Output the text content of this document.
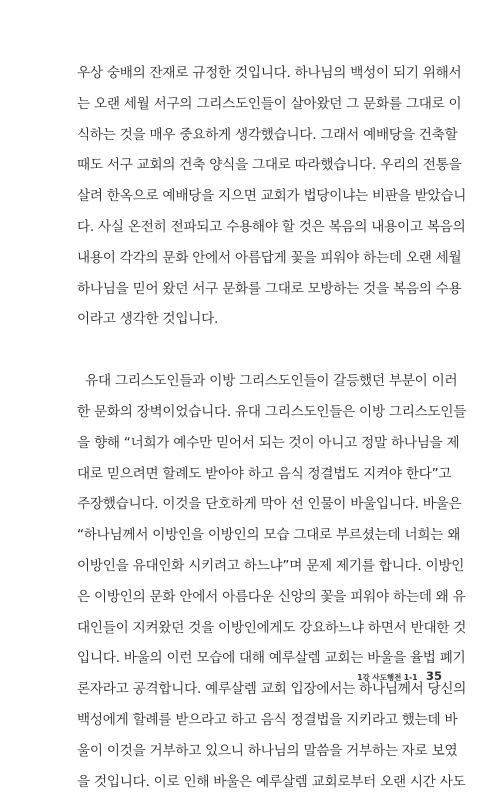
우상 숭배의 잔재로 규정한 것입니다. 하나님의 백성이 되기 위해서
는 오랜 세월 서구의 그리스도인들이 살아왔던 그 문화를 그대로 이
식하는 것을 매우 중요하게 생각했습니다. 그래서 예배당을 건축할
때도 서구 교회의 건축 양식을 그대로 따라했습니다. 우리의 전통을
살려 한옥으로 예배당을 지으면 교회가 법당이냐는 비판을 받았습니
다. 사실 온전히 전파되고 수용해야 할 것은 복음의 내용이고 복음의
내용이 각각의 문화 안에서 아름답게 꽃을 피워야 하는데 오랜 세월
하나님을 믿어 왔던 서구 문화를 그대로 모방하는 것을 복음의 수용
이라고 생각한 것입니다.
유대 그리스도인들과 이방 그리스도인들이 갈등했던 부분이 이러
한 문화의 장벽이었습니다. 유대 그리스도인들은 이방 그리스도인들
을 향해 “너희가 예수만 믿어서 되는 것이 아니고 정말 하나님을 제
대로 믿으려면 할례도 받아야 하고 음식 정결법도 지켜야 한다”고
주장했습니다. 이것을 단호하게 막아 선 인물이 바울입니다. 바울은
“하나님께서 이방인을 이방인의 모습 그대로 부르셨는데 너희는 왜
이방인을 유대인화 시키려고 하느냐”며 문제 제기를 합니다. 이방인
은 이방인의 문화 안에서 아름다운 신앙의 꽃을 피워야 하는데 왜 유
대인들이 지켜왔던 것을 이방인에게도 강요하느냐 하면서 반대한 것
입니다. 바울의 이런 모습에 대해 예루살렘 교회는 바울을 율법 폐기
론자라고 공격합니다. 예루살렘 교회 입장에서는 하나님께서 당신의
백성에게 할례를 받으라고 하고 음식 정결법을 지키라고 했는데 바
울이 이것을 거부하고 있으니 하나님의 말씀을 거부하는 자로 보였
을 것입니다. 이로 인해 바울은 예루살렘 교회로부터 오랜 시간 사도
1강 사도행전 1-1 35
